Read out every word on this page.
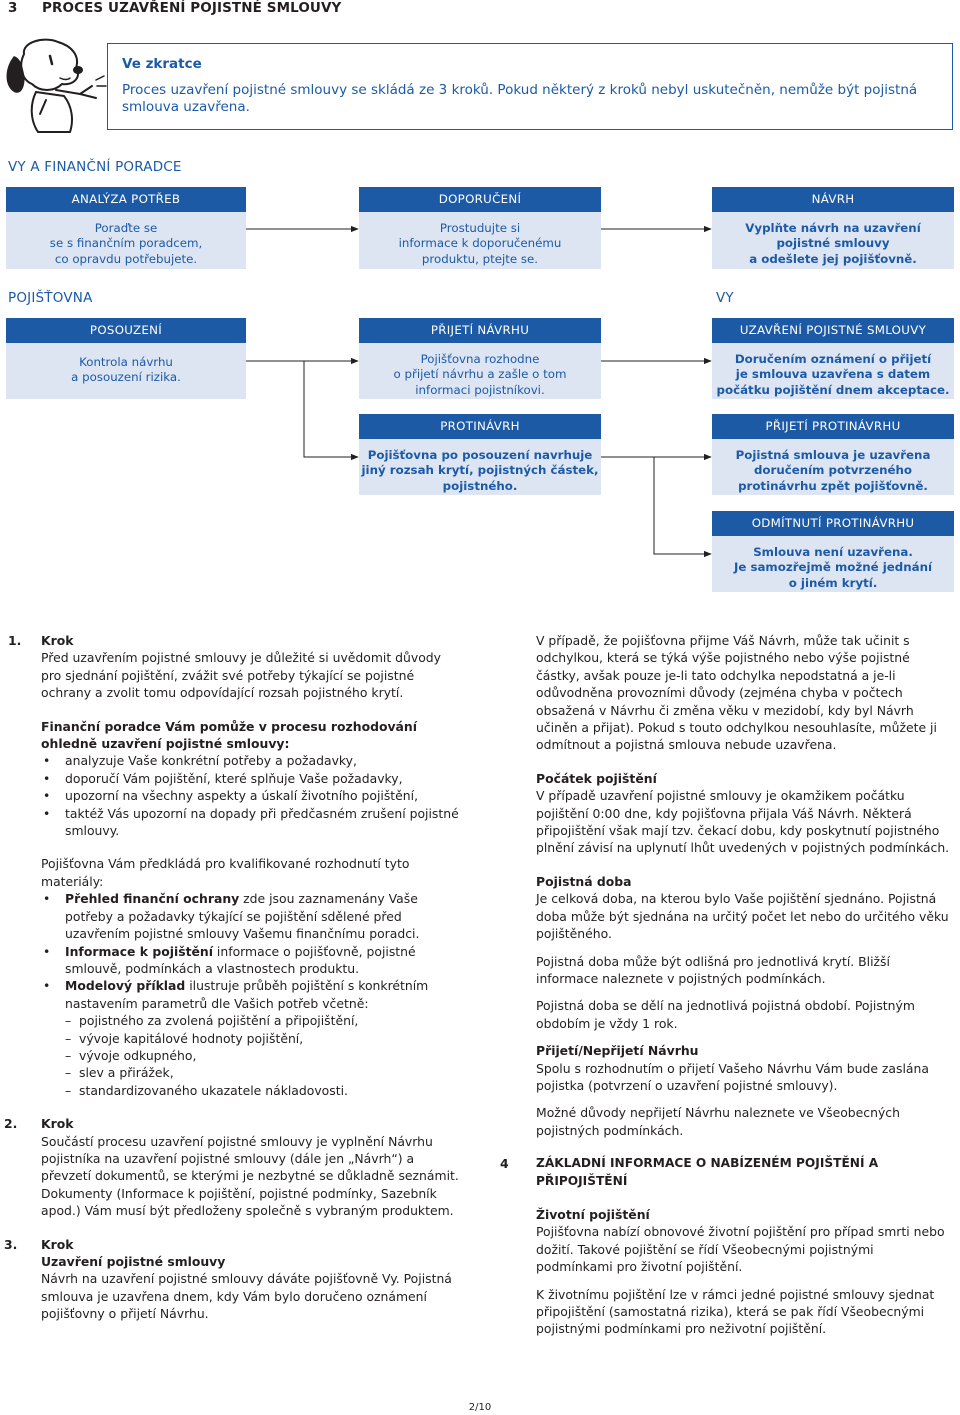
3 PROCES UZAVŘENÍ POJISTNÉ SMLOUVY
Ve zkratce
Proces uzavření pojistné smlouvy se skládá ze 3 kroků. Pokud některý z kroků nebyl uskutečněn, nemůže být pojistná smlouva uzavřena.
VY A FINANČNÍ PORADCE
ANALÝZA POTŘEB
Poraďte se
se s finančním poradcem,
co opravdu potřebujete.
DOPORUČENÍ
Prostudujte si
informace k doporučenému
produktu, ptejte se.
NÁVRH
Vyplňte návrh na uzavření
pojistné smlouvy
a odešlete jej pojišťovně.
POJIŠŤOVNA	VY
POSOUZENÍ
Kontrola návrhu
a posouzení rizika.
PŘIJETÍ NÁVRHU
Pojišťovna rozhodne
o přijetí návrhu a zašle o tom
informaci pojistníkovi.
UZAVŘENÍ POJISTNÉ SMLOUVY
Doručením oznámení o přijetí
je smlouva uzavřena s datem
počátku pojištění dnem akceptace.
PROTINÁVRH
Pojišťovna po posouzení navrhuje
jiný rozsah krytí, pojistných částek,
pojistného.
PŘIJETÍ PROTINÁVRHU
Pojistná smlouva je uzavřena
doručením potvrzeného
protinávrhu zpět pojišťovně.
ODMÍTNUTÍ PROTINÁVRHU
Smlouva není uzavřena.
Je samozřejmě možné jednání
o jiném krytí.
1. Krok

Před uzavřením pojistné smlouvy je důležité si uvědomit důvody pro sjednání pojištění, zvážit své potřeby týkající se pojistné ochrany a zvolit tomu odpovídající rozsah pojistného krytí.

Finanční poradce Vám pomůže v procesu rozhodování ohledně uzavření pojistné smlouvy:

• analyzuje Vaše konkrétní potřeby a požadavky,
• doporučí Vám pojištění, které splňuje Vaše požadavky,
• upozorní na všechny aspekty a úskalí životního pojištění,
• taktéž Vás upozorní na dopady při předčasném zrušení pojistné smlouvy.

Pojišťovna Vám předkládá pro kvalifikované rozhodnutí tyto materiály:

• Přehled finanční ochrany zde jsou zaznamenány Vaše potřeby a požadavky týkající se pojištění sdělené před uzavřením pojistné smlouvy Vašemu finančnímu poradci.
• Informace k pojištění informace o pojišťovně, pojistné smlouvě, podmínkách a vlastnostech produktu.
• Modelový příklad ilustruje průběh pojištění s konkrétním nastavením parametrů dle Vašich potřeb včetně:
– pojistného za zvolená pojištění a připojištění,
– vývoje kapitálové hodnoty pojištění,
– vývoje odkupného,
– slev a přirážek,
– standardizovaného ukazatele nákladovosti.
2. Krok

Součástí procesu uzavření pojistné smlouvy je vyplnění Návrhu pojistníka na uzavření pojistné smlouvy (dále jen „Návrh“) a převzetí dokumentů, se kterými je nezbytné se důkladně seznámit. Dokumenty (Informace k pojištění, pojistné podmínky, Sazebník apod.) Vám musí být předloženy společně s vybraným produktem.

3. Krok

Uzavření pojistné smlouvy

Návrh na uzavření pojistné smlouvy dáváte pojišťovně Vy. Pojistná smlouva je uzavřena dnem, kdy Vám bylo doručeno oznámení pojišťovny o přijetí Návrhu.

V případě, že pojišťovna přijme Váš Návrh, může tak učinit s odchylkou, která se týká výše pojistného nebo výše pojistné částky, avšak pouze je-li tato odchylka nepodstatná a je-li odůvodněna provozními důvody (zejména chyba v počtech obsažená v Návrhu či změna věku v mezidobí, kdy byl Návrh učiněn a přijat). Pokud s touto odchylkou nesouhlasíte, můžete ji odmítnout a pojistná smlouva nebude uzavřena.

Počátek pojištění

V případě uzavření pojistné smlouvy je okamžikem počátku pojištění 0:00 dne, kdy pojišťovna přijala Váš Návrh. Některá připojištění však mají tzv. čekací dobu, kdy poskytnutí pojistného plnění závisí na uplynutí lhůt uvedených v pojistných podmínkách.

Pojistná doba

Je celková doba, na kterou bylo Vaše pojištění sjednáno. Pojistná doba může být sjednána na určitý počet let nebo do určitého věku pojištěného.

Pojistná doba může být odlišná pro jednotlivá krytí. Bližší informace naleznete v pojistných podmínkách.

Pojistná doba se dělí na jednotlivá pojistná období. Pojistným obdobím je vždy 1 rok.

Přijetí/Nepřijetí Návrhu

Spolu s rozhodnutím o přijetí Vašeho Návrhu Vám bude zaslána pojistka (potvrzení o uzavření pojistné smlouvy).

Možné důvody nepřijetí Návrhu naleznete ve Všeobecných pojistných podmínkách.

4 ZÁKLADNÍ INFORMACE O NABÍZENÉM POJIŠTĚNÍ A PŘIPOJIŠTĚNÍ

Životní pojištění

Pojišťovna nabízí obnovové životní pojištění pro případ smrti nebo dožití. Takové pojištění se řídí Všeobecnými pojistnými podmínkami pro životní pojištění.

K životnímu pojištění lze v rámci jedné pojistné smlouvy sjednat připojištění (samostatná rizika), která se pak řídí Všeobecnými pojistnými podmínkami pro neživotní pojištění.

2/10
